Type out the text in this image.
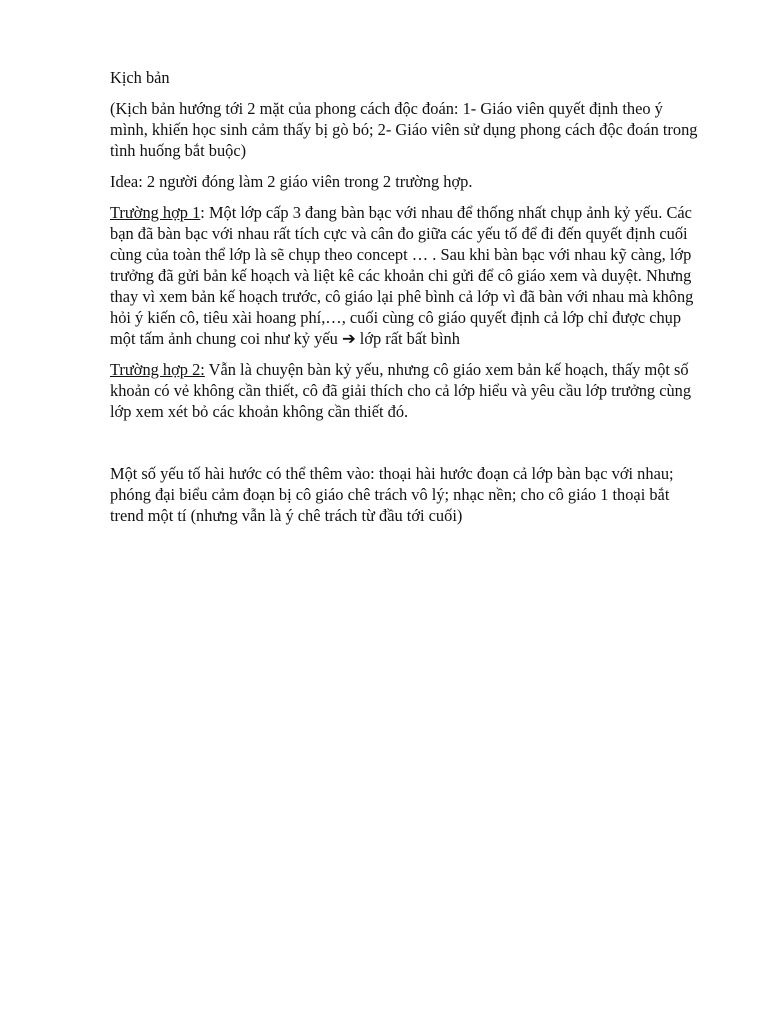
Kịch bản

(Kịch bản hướng tới 2 mặt của phong cách độc đoán: 1- Giáo viên quyết định theo ý mình, khiến học sinh cảm thấy bị gò bó; 2- Giáo viên sử dụng phong cách độc đoán trong tình huống bắt buộc)

Idea: 2 người đóng làm 2 giáo viên trong 2 trường hợp.

Trường hợp 1: Một lớp cấp 3 đang bàn bạc với nhau để thống nhất chụp ảnh kỷ yếu. Các bạn đã bàn bạc với nhau rất tích cực và cân đo giữa các yếu tố để đi đến quyết định cuối cùng của toàn thể lớp là sẽ chụp theo concept … . Sau khi bàn bạc với nhau kỹ càng, lớp trưởng đã gửi bản kế hoạch và liệt kê các khoản chi gửi để cô giáo xem và duyệt. Nhưng thay vì xem bản kế hoạch trước, cô giáo lại phê bình cả lớp vì đã bàn với nhau mà không hỏi ý kiến cô, tiêu xài hoang phí,…, cuối cùng cô giáo quyết định cả lớp chỉ được chụp một tấm ảnh chung coi như kỷ yếu ➔ lớp rất bất bình

Trường hợp 2: Vẫn là chuyện bàn kỷ yếu, nhưng cô giáo xem bản kế hoạch, thấy một số khoản có vẻ không cần thiết, cô đã giải thích cho cả lớp hiểu và yêu cầu lớp trưởng cùng lớp xem xét bỏ các khoản không cần thiết đó.

Một số yếu tố hài hước có thể thêm vào: thoại hài hước đoạn cả lớp bàn bạc với nhau; phóng đại biểu cảm đoạn bị cô giáo chê trách vô lý; nhạc nền; cho cô giáo 1 thoại bắt trend một tí (nhưng vẫn là ý chê trách từ đầu tới cuối)
